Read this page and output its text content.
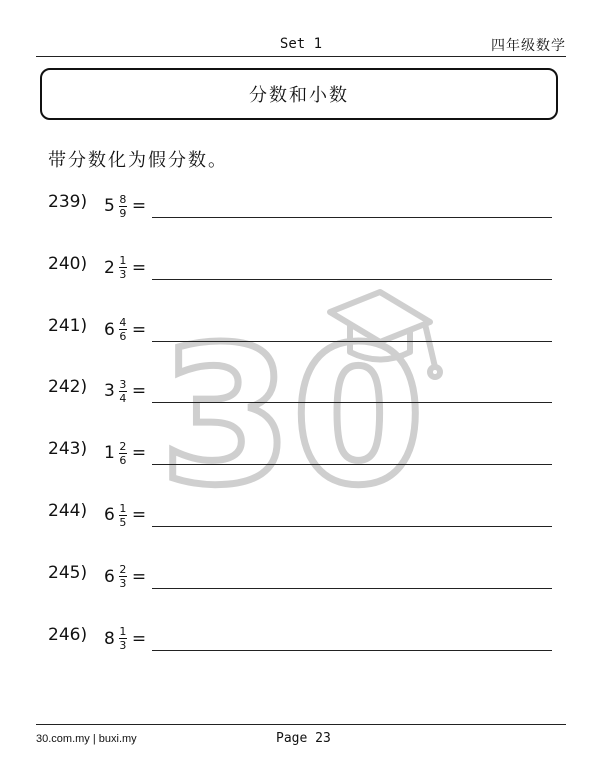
Set 1	四年级数学
分数和小数
带分数化为假分数。
30
239) $5 \frac{8}{9}$ =
240) $2 \frac{1}{3}$ =
241) $6 \frac{4}{6}$ =
242) $3 \frac{3}{4}$ =
243) $1 \frac{2}{6}$ =
244) $6 \frac{1}{5}$ =
245) $6 \frac{2}{3}$ =
246) $8 \frac{1}{3}$ =
30.com.my | buxi.my	Page 23
